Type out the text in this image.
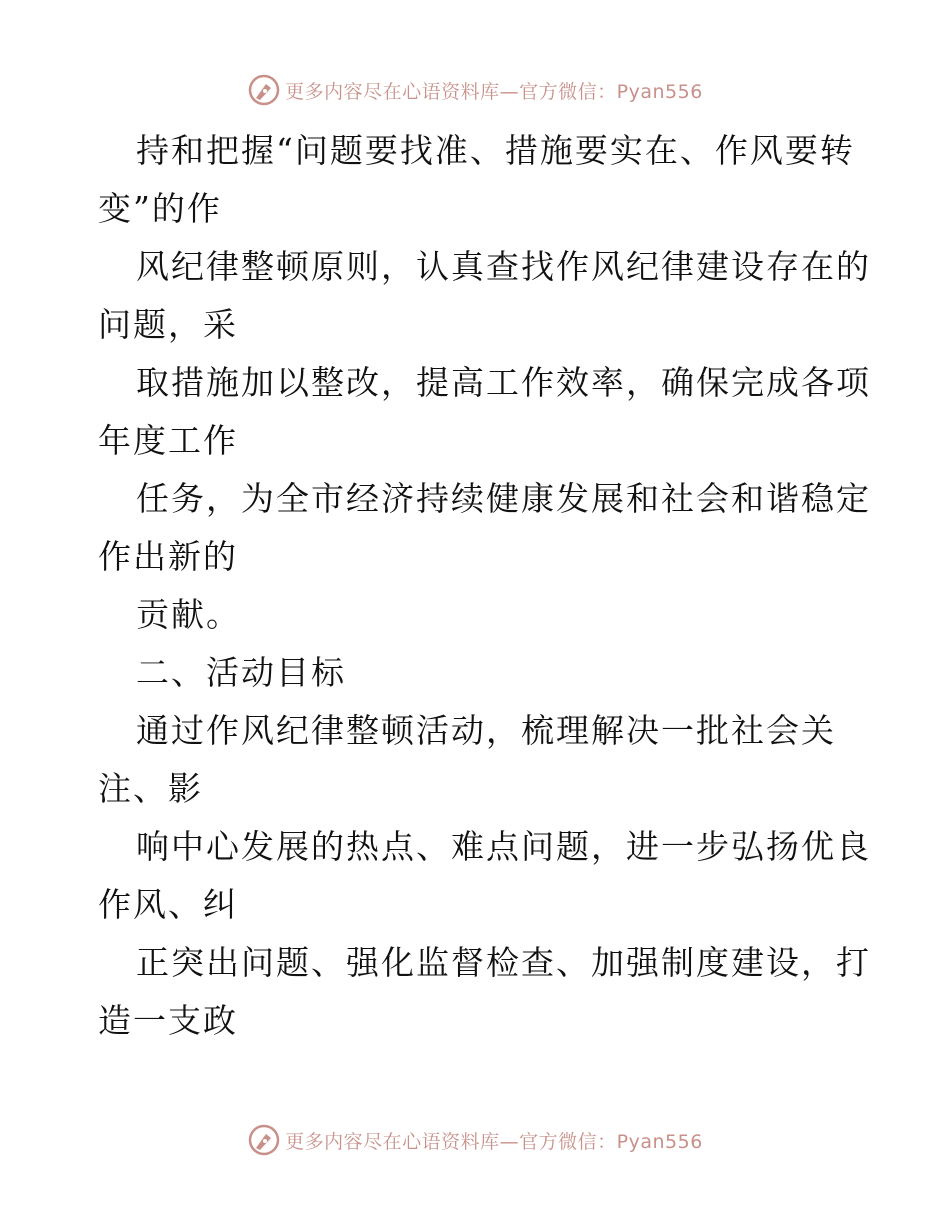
更多内容尽在心语资料库—官方微信：Pyan556
持和把握“问题要找准、措施要实在、作风要转
变”的作
风纪律整顿原则，认真查找作风纪律建设存在的
问题，采
取措施加以整改，提高工作效率，确保完成各项
年度工作
任务，为全市经济持续健康发展和社会和谐稳定
作出新的
贡献。
二、活动目标
通过作风纪律整顿活动，梳理解决一批社会关
注、影
响中心发展的热点、难点问题，进一步弘扬优良
作风、纠
正突出问题、强化监督检查、加强制度建设，打
造一支政
更多内容尽在心语资料库—官方微信：Pyan556
